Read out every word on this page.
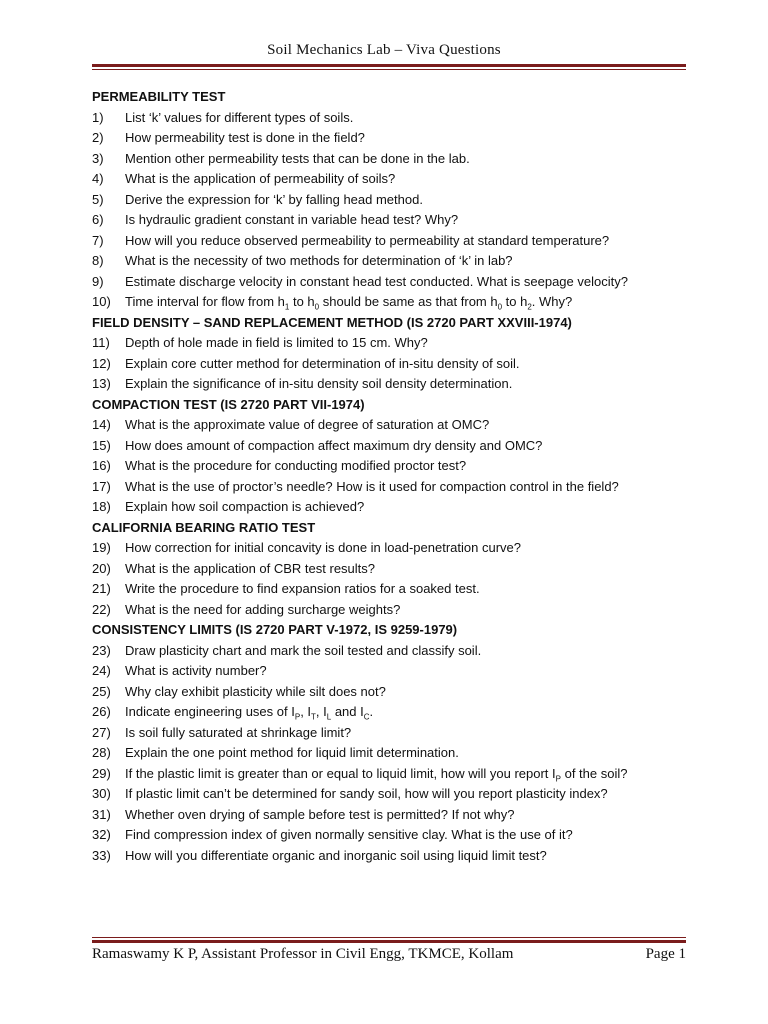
Soil Mechanics Lab – Viva Questions
PERMEABILITY TEST
1)	List ‘k’ values for different types of soils.
2)	How permeability test is done in the field?
3)	Mention other permeability tests that can be done in the lab.
4)	What is the application of permeability of soils?
5)	Derive the expression for ‘k’ by falling head method.
6)	Is hydraulic gradient constant in variable head test? Why?
7)	How will you reduce observed permeability to permeability at standard temperature?
8)	What is the necessity of two methods for determination of ‘k’ in lab?
9)	Estimate discharge velocity in constant head test conducted. What is seepage velocity?
10)	Time interval for flow from $h_1$ to $h_0$ should be same as that from $h_0$ to $h_2$. Why?
FIELD DENSITY – SAND REPLACEMENT METHOD (IS 2720 PART XXVIII-1974)
11)	Depth of hole made in field is limited to 15 cm. Why?
12)	Explain core cutter method for determination of in-situ density of soil.
13)	Explain the significance of in-situ density soil density determination.
COMPACTION TEST (IS 2720 PART VII-1974)
14)	What is the approximate value of degree of saturation at OMC?
15)	How does amount of compaction affect maximum dry density and OMC?
16)	What is the procedure for conducting modified proctor test?
17)	What is the use of proctor’s needle? How is it used for compaction control in the field?
18)	Explain how soil compaction is achieved?
CALIFORNIA BEARING RATIO TEST
19)	How correction for initial concavity is done in load-penetration curve?
20)	What is the application of CBR test results?
21)	Write the procedure to find expansion ratios for a soaked test.
22)	What is the need for adding surcharge weights?
CONSISTENCY LIMITS (IS 2720 PART V-1972, IS 9259-1979)
23)	Draw plasticity chart and mark the soil tested and classify soil.
24)	What is activity number?
25)	Why clay exhibit plasticity while silt does not?
26)	Indicate engineering uses of $I_P$, $I_T$, $I_L$ and $I_C$.
27)	Is soil fully saturated at shrinkage limit?
28)	Explain the one point method for liquid limit determination.
29)	If the plastic limit is greater than or equal to liquid limit, how will you report $I_P$ of the soil?
30)	If plastic limit can’t be determined for sandy soil, how will you report plasticity index?
31)	Whether oven drying of sample before test is permitted? If not why?
32)	Find compression index of given normally sensitive clay. What is the use of it?
33)	How will you differentiate organic and inorganic soil using liquid limit test?
Ramaswamy K P, Assistant Professor in Civil Engg, TKMCE, Kollam	Page 1
